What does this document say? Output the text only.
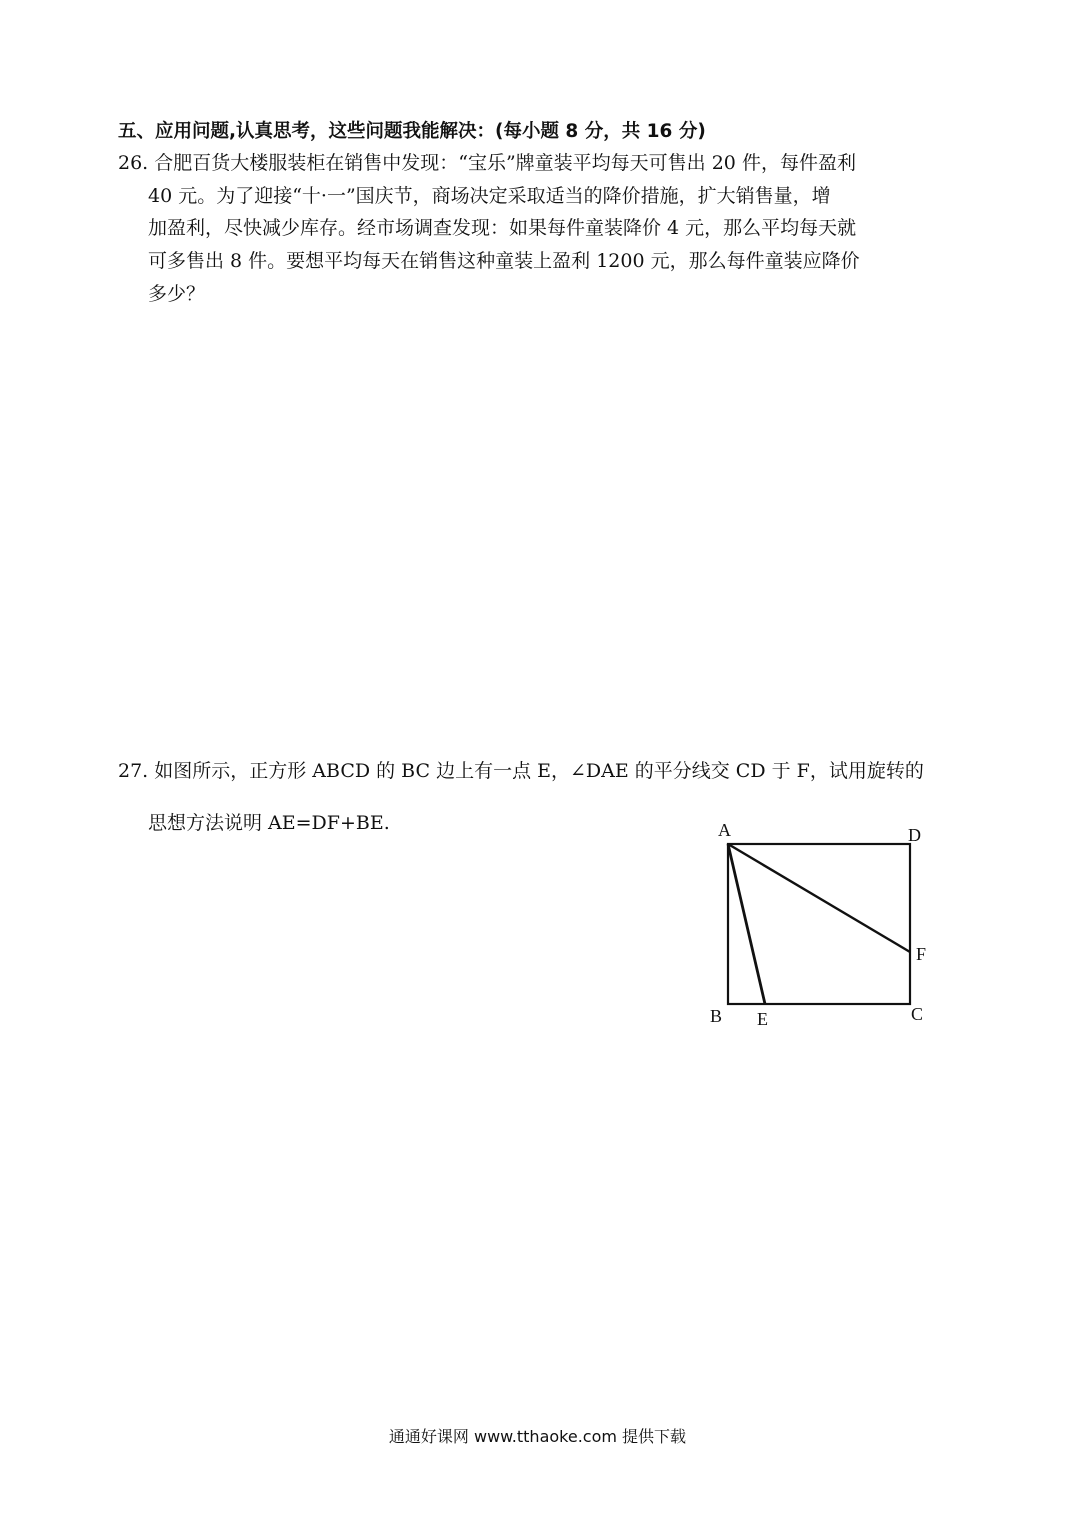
五、应用问题,认真思考，这些问题我能解决：(每小题 8 分，共 16 分)
26. 合肥百货大楼服装柜在销售中发现：“宝乐”牌童装平均每天可售出 20 件，每件盈利
40 元。为了迎接“十·一”国庆节，商场决定采取适当的降价措施，扩大销售量，增
加盈利，尽快减少库存。经市场调查发现：如果每件童装降价 4 元，那么平均每天就
可多售出 8 件。要想平均每天在销售这种童装上盈利 1200 元，那么每件童装应降价
多少？
27. 如图所示，正方形 ABCD 的 BC 边上有一点 E，∠DAE 的平分线交 CD 于 F，试用旋转的
思想方法说明 AE=DF+BE.	A	D
F
B E	C
通通好课网 www.tthaoke.com 提供下载
